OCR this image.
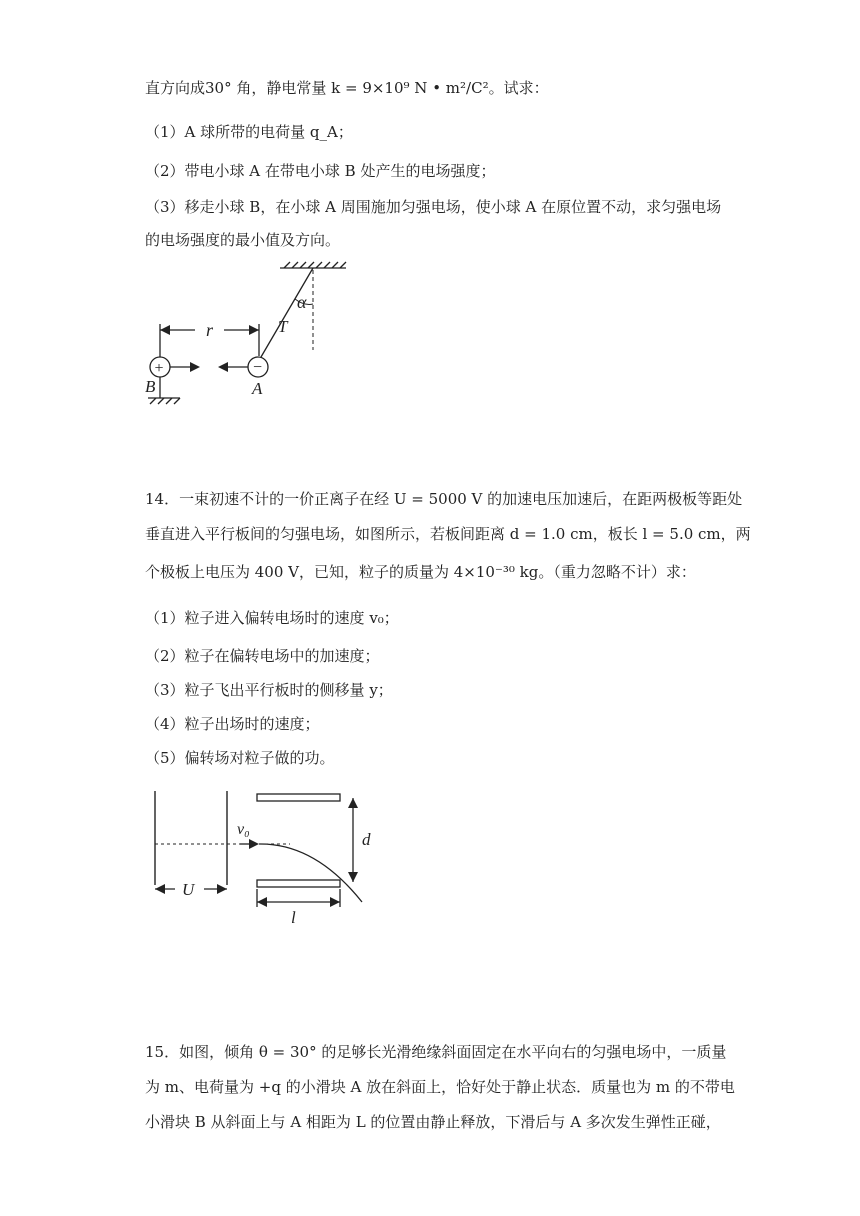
直方向成30° 角，静电常量 k = 9×10⁹ N • m²/C²。试求：
（1）A 球所带的电荷量 q_A；
（2）带电小球 A 在带电小球 B 处产生的电场强度；
（3）移走小球 B，在小球 A 周围施加匀强电场，使小球 A 在原位置不动，求匀强电场
的电场强度的最小值及方向。
α
T
r
+
B
−
A
14．一束初速不计的一价正离子在经 U = 5000 V 的加速电压加速后，在距两极板等距处
垂直进入平行板间的匀强电场，如图所示，若板间距离 d = 1.0 cm，板长 l = 5.0 cm，两
个极板上电压为 400 V，已知，粒子的质量为 4×10⁻³⁰ kg。（重力忽略不计）求：
（1）粒子进入偏转电场时的速度 v₀；
（2）粒子在偏转电场中的加速度；
（3）粒子飞出平行板时的侧移量 y；
（4）粒子出场时的速度；
（5）偏转场对粒子做的功。
v₀
d
U
l
15．如图，倾角 θ = 30° 的足够长光滑绝缘斜面固定在水平向右的匀强电场中，一质量
为 m、电荷量为 +q 的小滑块 A 放在斜面上，恰好处于静止状态．质量也为 m 的不带电
小滑块 B 从斜面上与 A 相距为 L 的位置由静止释放，下滑后与 A 多次发生弹性正碰，
